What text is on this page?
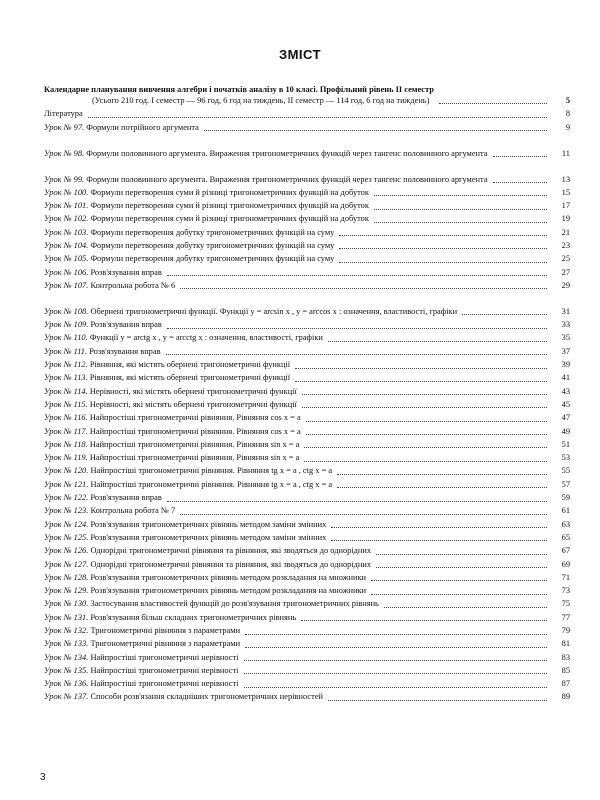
ЗМІСТ
Календарне планування вивчення алгебри і початків аналізу в 10 класі. Профільний рівень ІІ семестр
(Усього 210 год. І семестр — 96 год, 6 год на тиждень, ІІ семестр — 114 год, 6 год на тиждень)	5
Література	8
Урок № 97. Формули потрійного аргумента	9
Урок № 98. Формули половинного аргумента. Вираження тригонометричних функцій через тангенс половинного аргумента	11
Урок № 99. Формули половинного аргумента. Вираження тригонометричних функцій через тангенс половинного аргумента	13
Урок № 100. Формули перетворення суми й різниці тригонометричних функцій на добуток	15
Урок № 101. Формули перетворення суми й різниці тригонометричних функцій на добуток	17
Урок № 102. Формули перетворення суми й різниці тригонометричних функцій на добуток	19
Урок № 103. Формули перетворення добутку тригонометричних функцій на суму	21
Урок № 104. Формули перетворення добутку тригонометричних функцій на суму	23
Урок № 105. Формули перетворення добутку тригонометричних функцій на суму	25
Урок № 106. Розв'язування вправ	27
Урок № 107. Контрольна робота № 6	29
Урок № 108. Обернені тригонометричні функції. Функції y = arcsin x , y = arccos x : означення, властивості, графіки	31
Урок № 109. Розв'язування вправ	33
Урок № 110. Функції y = arctg x , y = arcctg x : означення, властивості, графіки	35
Урок № 111. Розв'язування вправ	37
Урок № 112. Рівняння, які містять обернені тригонометричні функції	39
Урок № 113. Рівняння, які містять обернені тригонометричні функції	41
Урок № 114. Нерівності, які містять обернені тригонометричні функції	43
Урок № 115. Нерівності, які містять обернені тригонометричні функції	45
Урок № 116. Найпростіші тригонометричні рівняння. Рівняння cos x = a	47
Урок № 117. Найпростіші тригонометричні рівняння. Рівняння cos x = a	49
Урок № 118. Найпростіші тригонометричні рівняння. Рівняння sin x = a	51
Урок № 119. Найпростіші тригонометричні рівняння. Рівняння sin x = a	53
Урок № 120. Найпростіші тригонометричні рівняння. Рівняння tg x = a , ctg x = a	55
Урок № 121. Найпростіші тригонометричні рівняння. Рівняння tg x = a , ctg x = a	57
Урок № 122. Розв'язування вправ	59
Урок № 123. Контрольна робота № 7	61
Урок № 124. Розв'язування тригонометричних рівнянь методом заміни змінних	63
Урок № 125. Розв'язування тригонометричних рівнянь методом заміни змінних	65
Урок № 126. Однорідні тригонометричні рівняння та рівняння, які зводяться до однорідних	67
Урок № 127. Однорідні тригонометричні рівняння та рівняння, які зводяться до однорідних	69
Урок № 128. Розв'язування тригонометричних рівнянь методом розкладання на множники	71
Урок № 129. Розв'язування тригонометричних рівнянь методом розкладання на множники	73
Урок № 130. Застосування властивостей функцій до розв'язування тригонометричних рівнянь	75
Урок № 131. Розв'язування більш складних тригонометричних рівнянь	77
Урок № 132. Тригонометричні рівняння з параметрами	79
Урок № 133. Тригонометричні рівняння з параметрами	81
Урок № 134. Найпростіші тригонометричні нерівності	83
Урок № 135. Найпростіші тригонометричні нерівності	85
Урок № 136. Найпростіші тригонометричні нерівності	87
Урок № 137. Способи розв'язання складніших тригонометричних нерівностей	89
3
